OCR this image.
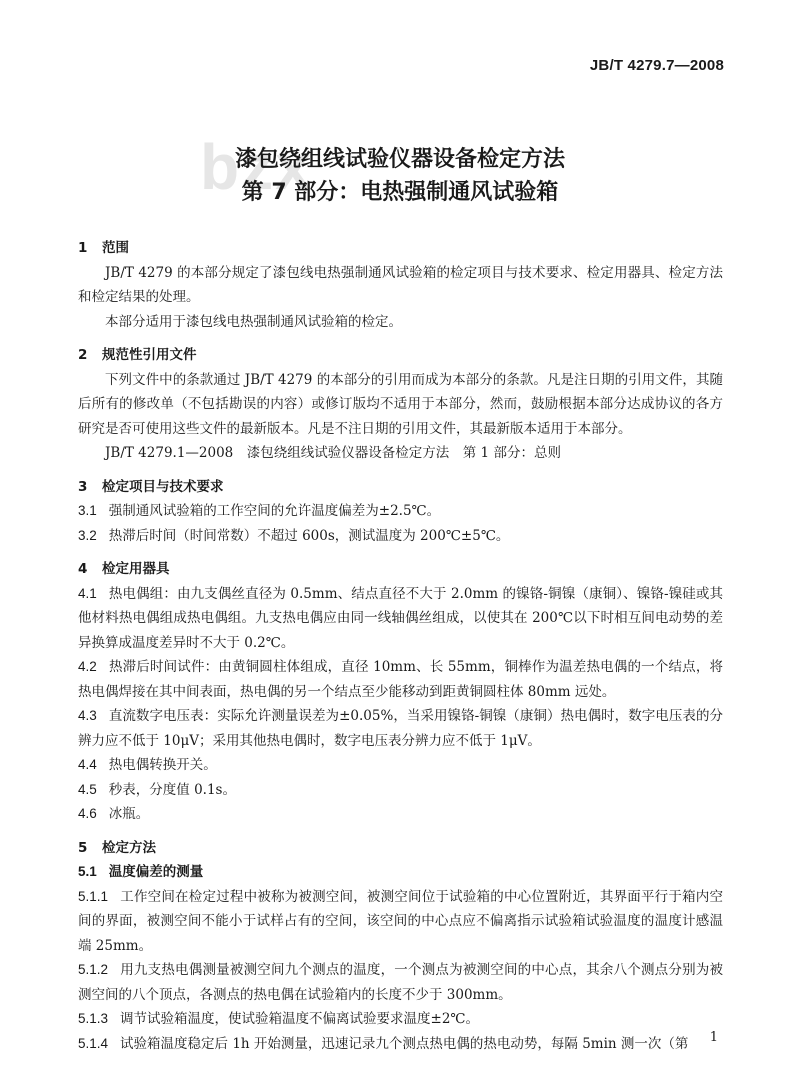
JB/T 4279.7—2008
bzx
漆包绕组线试验仪器设备检定方法
第 7 部分：电热强制通风试验箱
1 范围
JB/T 4279 的本部分规定了漆包线电热强制通风试验箱的检定项目与技术要求、检定用器具、检定方法和检定结果的处理。
本部分适用于漆包线电热强制通风试验箱的检定。
2 规范性引用文件
下列文件中的条款通过 JB/T 4279 的本部分的引用而成为本部分的条款。凡是注日期的引用文件，其随后所有的修改单（不包括勘误的内容）或修订版均不适用于本部分，然而，鼓励根据本部分达成协议的各方研究是否可使用这些文件的最新版本。凡是不注日期的引用文件，其最新版本适用于本部分。
JB/T 4279.1—2008　漆包绕组线试验仪器设备检定方法　第 1 部分：总则
3 检定项目与技术要求
3.1 强制通风试验箱的工作空间的允许温度偏差为±2.5℃。
3.2 热滞后时间（时间常数）不超过 600s，测试温度为 200℃±5℃。
4 检定用器具
4.1 热电偶组：由九支偶丝直径为 0.5mm、结点直径不大于 2.0mm 的镍铬-铜镍（康铜）、镍铬-镍硅或其他材料热电偶组成热电偶组。九支热电偶应由同一线轴偶丝组成，以使其在 200℃以下时相互间电动势的差异换算成温度差异时不大于 0.2℃。
4.2 热滞后时间试件：由黄铜圆柱体组成，直径 10mm、长 55mm，铜棒作为温差热电偶的一个结点，将热电偶焊接在其中间表面，热电偶的另一个结点至少能移动到距黄铜圆柱体 80mm 远处。
4.3 直流数字电压表：实际允许测量误差为±0.05%，当采用镍铬-铜镍（康铜）热电偶时，数字电压表的分辨力应不低于 10μV；采用其他热电偶时，数字电压表分辨力应不低于 1μV。
4.4 热电偶转换开关。
4.5 秒表，分度值 0.1s。
4.6 冰瓶。
5 检定方法
5.1 温度偏差的测量
5.1.1 工作空间在检定过程中被称为被测空间，被测空间位于试验箱的中心位置附近，其界面平行于箱内空间的界面，被测空间不能小于试样占有的空间，该空间的中心点应不偏离指示试验箱试验温度的温度计感温端 25mm。
5.1.2 用九支热电偶测量被测空间九个测点的温度，一个测点为被测空间的中心点，其余八个测点分别为被测空间的八个顶点，各测点的热电偶在试验箱内的长度不少于 300mm。
5.1.3 调节试验箱温度，使试验箱温度不偏离试验要求温度±2℃。
5.1.4 试验箱温度稳定后 1h 开始测量，迅速记录九个测点热电偶的热电动势，每隔 5min 测一次（第	1
